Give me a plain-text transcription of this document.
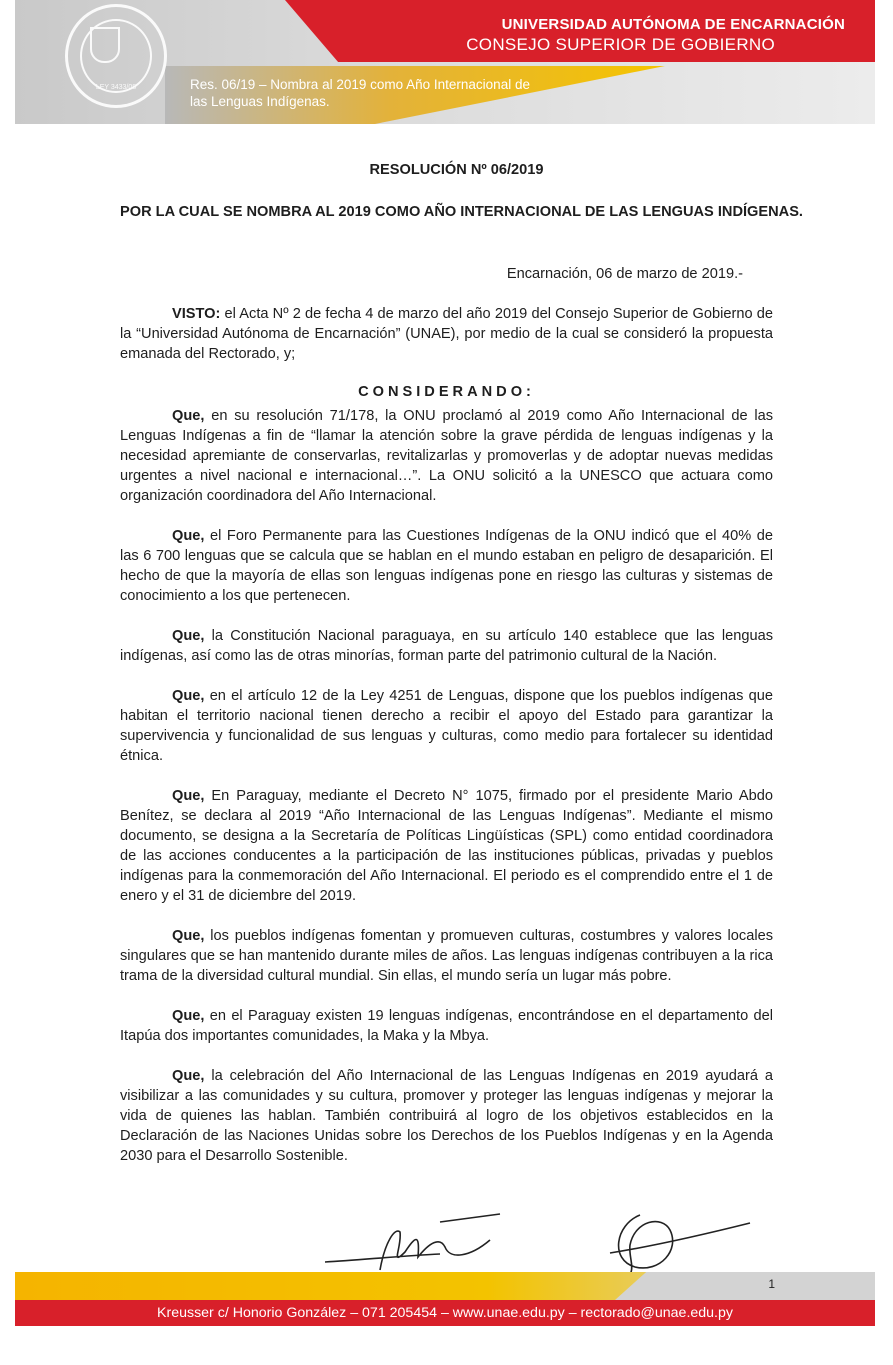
LEY 3433/08
UNIVERSIDAD AUTÓNOMA DE ENCARNACIÓN
CONSEJO SUPERIOR DE GOBIERNO
Res. 06/19 – Nombra al 2019 como Año Internacional de
las Lenguas Indígenas.
RESOLUCIÓN Nº 06/2019
POR LA CUAL SE NOMBRA AL 2019 COMO AÑO INTERNACIONAL DE LAS LENGUAS INDÍGENAS.
Encarnación, 06 de marzo de 2019.-

VISTO: el Acta Nº 2 de fecha 4 de marzo del año 2019 del Consejo Superior de Gobierno de la “Universidad Autónoma de Encarnación” (UNAE), por medio de la cual se consideró la propuesta emanada del Rectorado, y;

CONSIDERANDO:

Que, en su resolución 71/178, la ONU proclamó al 2019 como Año Internacional de las Lenguas Indígenas a fin de “llamar la atención sobre la grave pérdida de lenguas indígenas y la necesidad apremiante de conservarlas, revitalizarlas y promoverlas y de adoptar nuevas medidas urgentes a nivel nacional e internacional…”. La ONU solicitó a la UNESCO que actuara como organización coordinadora del Año Internacional.

Que, el Foro Permanente para las Cuestiones Indígenas de la ONU indicó que el 40% de las 6 700 lenguas que se calcula que se hablan en el mundo estaban en peligro de desaparición. El hecho de que la mayoría de ellas son lenguas indígenas pone en riesgo las culturas y sistemas de conocimiento a los que pertenecen.

Que, la Constitución Nacional paraguaya, en su artículo 140 establece que las lenguas indígenas, así como las de otras minorías, forman parte del patrimonio cultural de la Nación.

Que, en el artículo 12 de la Ley 4251 de Lenguas, dispone que los pueblos indígenas que habitan el territorio nacional tienen derecho a recibir el apoyo del Estado para garantizar la supervivencia y funcionalidad de sus lenguas y culturas, como medio para fortalecer su identidad étnica.

Que, En Paraguay, mediante el Decreto N° 1075, firmado por el presidente Mario Abdo Benítez, se declara al 2019 “Año Internacional de las Lenguas Indígenas”. Mediante el mismo documento, se designa a la Secretaría de Políticas Lingüísticas (SPL) como entidad coordinadora de las acciones conducentes a la participación de las instituciones públicas, privadas y pueblos indígenas para la conmemoración del Año Internacional. El periodo es el comprendido entre el 1 de enero y el 31 de diciembre del 2019.

Que, los pueblos indígenas fomentan y promueven culturas, costumbres y valores locales singulares que se han mantenido durante miles de años. Las lenguas indígenas contribuyen a la rica trama de la diversidad cultural mundial. Sin ellas, el mundo sería un lugar más pobre.

Que, en el Paraguay existen 19 lenguas indígenas, encontrándose en el departamento del Itapúa dos importantes comunidades, la Maka y la Mbya.

Que, la celebración del Año Internacional de las Lenguas Indígenas en 2019 ayudará a visibilizar a las comunidades y su cultura, promover y proteger las lenguas indígenas y mejorar la vida de quienes las hablan. También contribuirá al logro de los objetivos establecidos en la Declaración de las Naciones Unidas sobre los Derechos de los Pueblos Indígenas y en la Agenda 2030 para el Desarrollo Sostenible.

1
Kreusser c/ Honorio González – 071 205454 – www.unae.edu.py – rectorado@unae.edu.py
